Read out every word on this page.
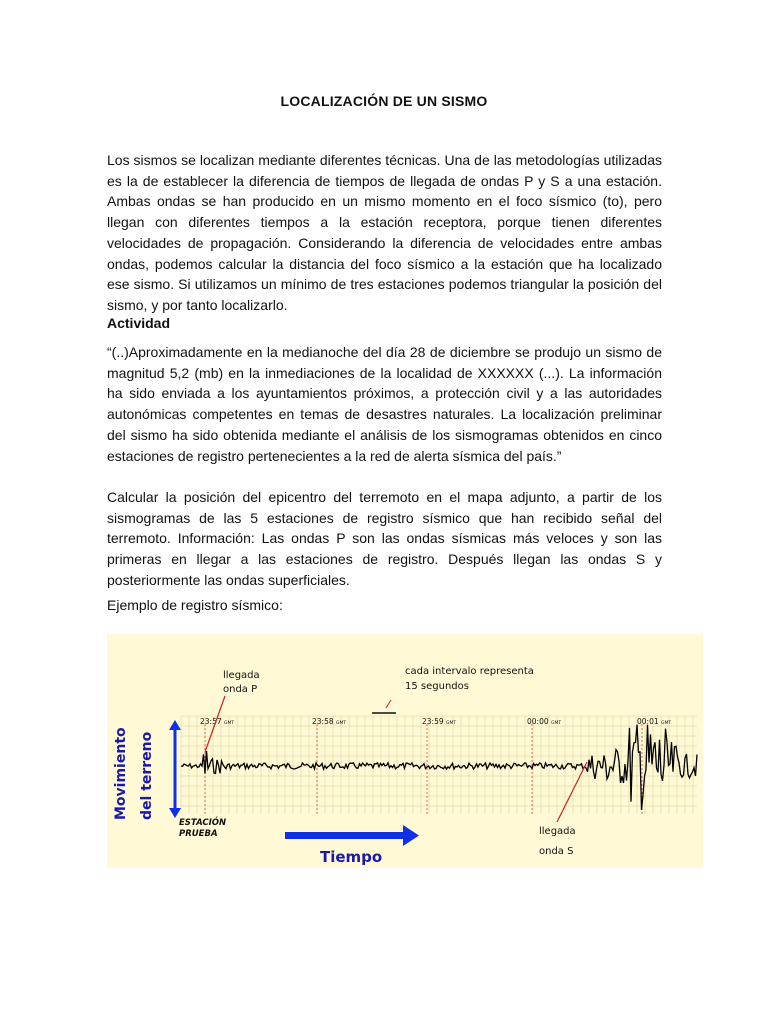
LOCALIZACIÓN DE UN SISMO

Los sismos se localizan mediante diferentes técnicas. Una de las metodologías utilizadas es la de establecer la diferencia de tiempos de llegada de ondas P y S a una estación. Ambas ondas se han producido en un mismo momento en el foco sísmico (to), pero llegan con diferentes tiempos a la estación receptora, porque tienen diferentes velocidades de propagación. Considerando la diferencia de velocidades entre ambas ondas, podemos calcular la distancia del foco sísmico a la estación que ha localizado ese sismo. Si utilizamos un mínimo de tres estaciones podemos triangular la posición del sismo, y por tanto localizarlo.

Actividad

“(..)Aproximadamente en la medianoche del día 28 de diciembre se produjo un sismo de magnitud 5,2 (mb) en la inmediaciones de la localidad de XXXXXX (...). La información ha sido enviada a los ayuntamientos próximos, a protección civil y a las autoridades autonómicas competentes en temas de desastres naturales. La localización preliminar del sismo ha sido obtenida mediante el análisis de los sismogramas obtenidos en cinco estaciones de registro pertenecientes a la red de alerta sísmica del país.”

Calcular la posición del epicentro del terremoto en el mapa adjunto, a partir de los sismogramas de las 5 estaciones de registro sísmico que han recibido señal del terremoto. Información: Las ondas P son las ondas sísmicas más veloces y son las primeras en llegar a las estaciones de registro. Después llegan las ondas S y posteriormente las ondas superficiales.

Ejemplo de registro sísmico:

23:57 GMT	23:58 GMT	23:59 GMT	00:00 GMT	00:01 GMT
llegada
onda P
cada intervalo representa
15 segundos
llegada
onda S
Movimiento del terreno
ESTACIÓN
PRUEBA
Tiempo
